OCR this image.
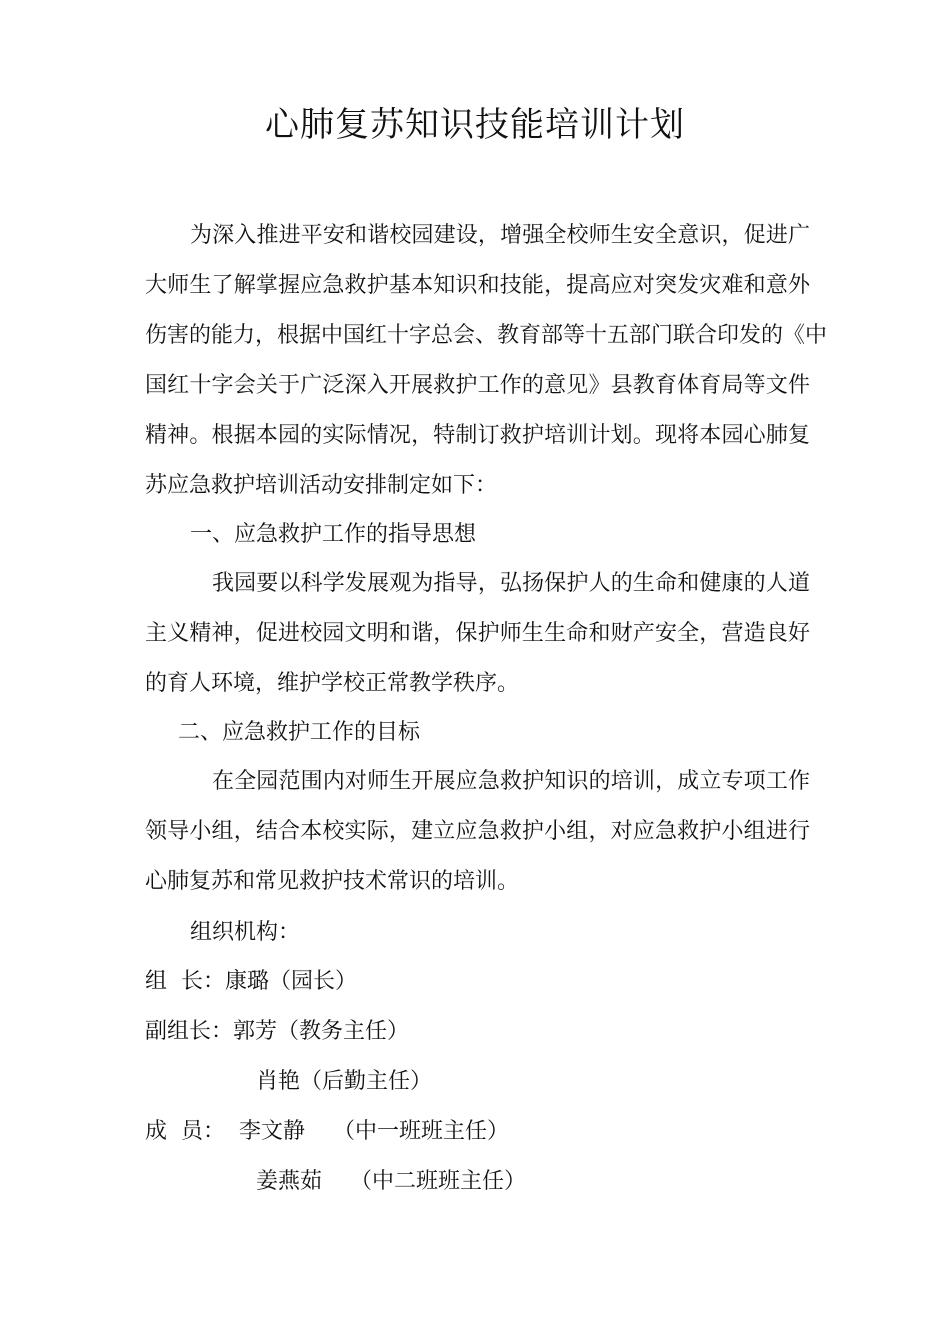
心肺复苏知识技能培训计划

为深入推进平安和谐校园建设，增强全校师生安全意识，促进广

大师生了解掌握应急救护基本知识和技能，提高应对突发灾难和意外

伤害的能力，根据中国红十字总会、教育部等十五部门联合印发的《中

国红十字会关于广泛深入开展救护工作的意见》县教育体育局等文件

精神。根据本园的实际情况，特制订救护培训计划。现将本园心肺复

苏应急救护培训活动安排制定如下：

一、应急救护工作的指导思想

我园要以科学发展观为指导，弘扬保护人的生命和健康的人道

主义精神，促进校园文明和谐，保护师生生命和财产安全，营造良好

的育人环境，维护学校正常教学秩序。

二、应急救护工作的目标

在全园范围内对师生开展应急救护知识的培训，成立专项工作

领导小组，结合本校实际，建立应急救护小组，对应急救护小组进行

心肺复苏和常见救护技术常识的培训。

组织机构：

组  长：康璐（园长）

副组长：郭芳（教务主任）

肖艳（后勤主任）

成  员：  李文静    （中一班班主任）

姜燕茹    （中二班班主任）
